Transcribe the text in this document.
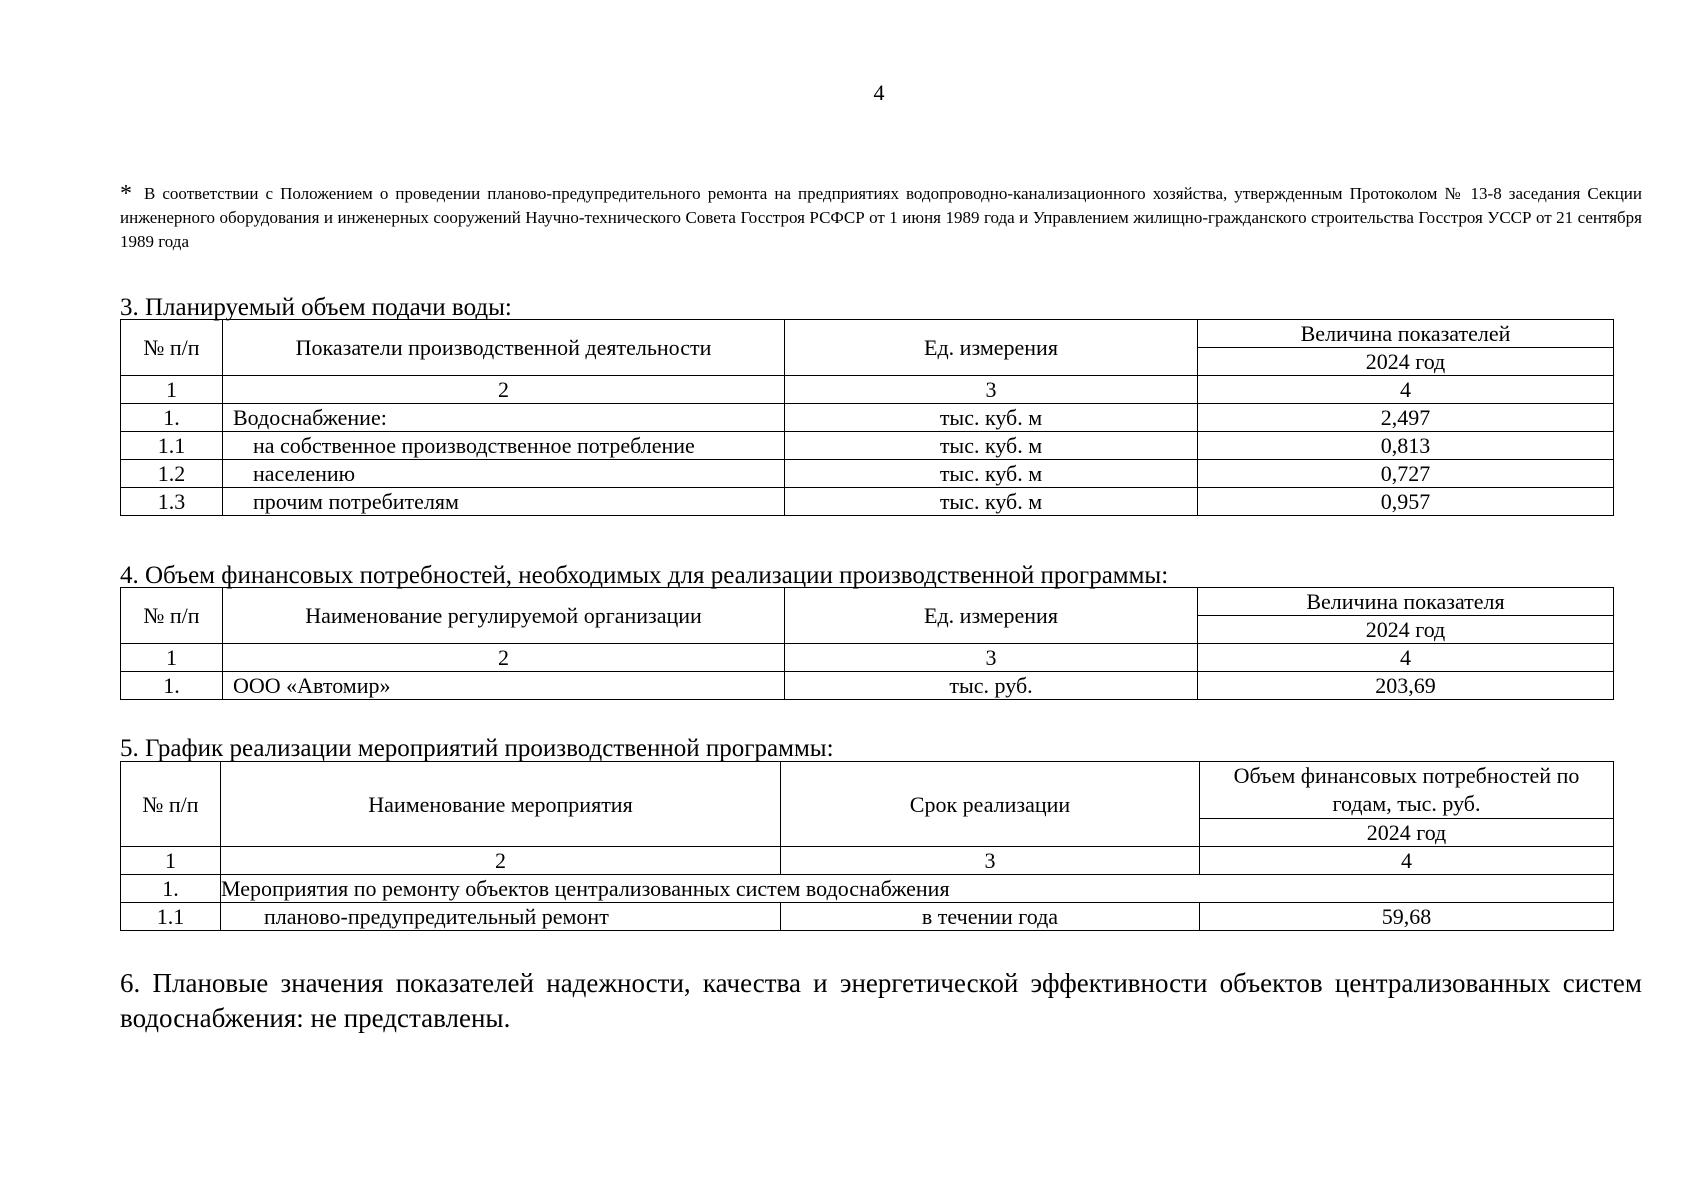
4
* В соответствии с Положением о проведении планово-предупредительного ремонта на предприятиях водопроводно-канализационного хозяйства, утвержденным Протоколом № 13-8 заседания Секции инженерного оборудования и инженерных сооружений Научно-технического Совета Госстроя РСФСР от 1 июня 1989 года и Управлением жилищно-гражданского строительства Госстроя УССР от 21 сентября 1989 года
3. Планируемый объем подачи воды:
№ п/п	Показатели производственной деятельности	Ед. измерения	Величина показателей
			2024 год
1	2	3	4
1.	Водоснабжение:	тыс. куб. м	2,497
1.1	на собственное производственное потребление	тыс. куб. м	0,813
1.2	населению	тыс. куб. м	0,727
1.3	прочим потребителям	тыс. куб. м	0,957
4. Объем финансовых потребностей, необходимых для реализации производственной программы:
№ п/п	Наименование регулируемой организации	Ед. измерения	Величина показателя
			2024 год
1	2	3	4
1.	ООО «Автомир»	тыс. руб.	203,69
5. График реализации мероприятий производственной программы:
№ п/п	Наименование мероприятия	Срок реализации	Объем финансовых потребностей по годам, тыс. руб.
			2024 год
1	2	3	4
1.	Мероприятия по ремонту объектов централизованных систем водоснабжения		
1.1	планово-предупредительный ремонт	в течении года	59,68
6. Плановые значения показателей надежности, качества и энергетической эффективности объектов централизованных систем водоснабжения: не представлены.
